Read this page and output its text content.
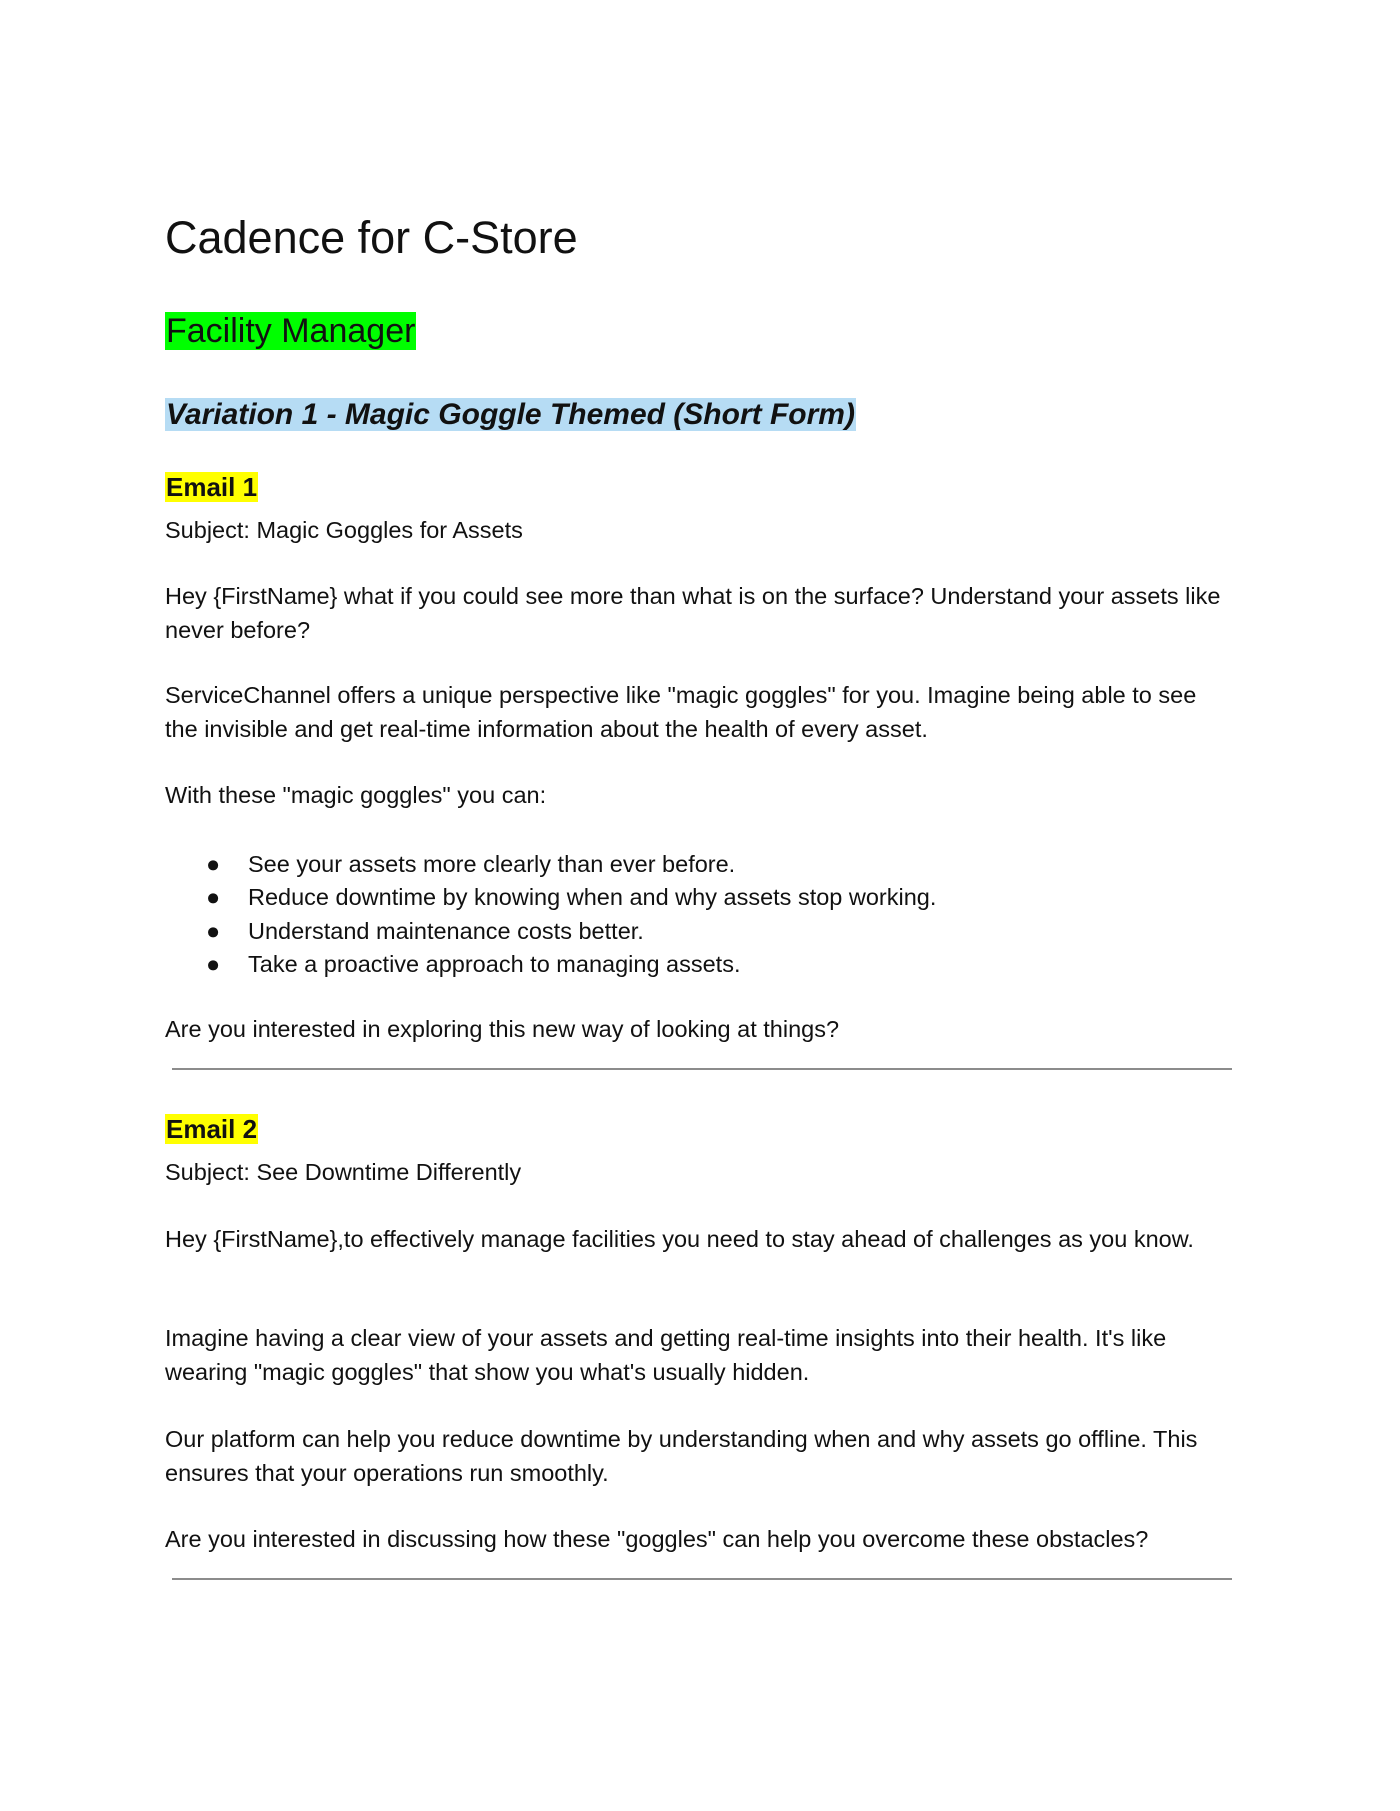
Cadence for C-Store
Facility Manager
Variation 1 - Magic Goggle Themed (Short Form)
Email 1

Subject: Magic Goggles for Assets

Hey {FirstName} what if you could see more than what is on the surface? Understand your assets like never before?

ServiceChannel offers a unique perspective like "magic goggles" for you. Imagine being able to see the invisible and get real-time information about the health of every asset.

With these "magic goggles" you can:

● See your assets more clearly than ever before.
● Reduce downtime by knowing when and why assets stop working.
● Understand maintenance costs better.
● Take a proactive approach to managing assets.

Are you interested in exploring this new way of looking at things?

Email 2

Subject: See Downtime Differently

Hey {FirstName},to effectively manage facilities you need to stay ahead of challenges as you know.

Imagine having a clear view of your assets and getting real-time insights into their health. It's like wearing "magic goggles" that show you what's usually hidden.

Our platform can help you reduce downtime by understanding when and why assets go offline. This ensures that your operations run smoothly.

Are you interested in discussing how these "goggles" can help you overcome these obstacles?
